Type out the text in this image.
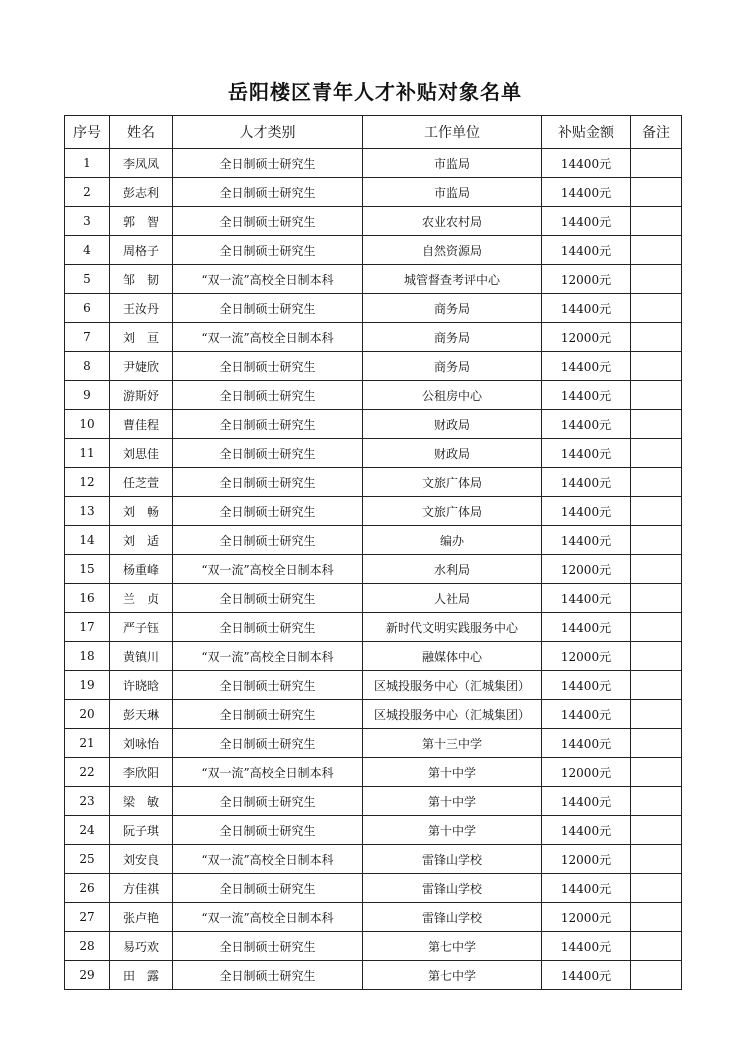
岳阳楼区青年人才补贴对象名单
序号	姓名	人才类别	工作单位	补贴金额	备注
1	李凤凤	全日制硕士研究生	市监局	14400元	
2	彭志利	全日制硕士研究生	市监局	14400元	
3	郭　智	全日制硕士研究生	农业农村局	14400元	
4	周格子	全日制硕士研究生	自然资源局	14400元	
5	邹　韧	“双一流”高校全日制本科	城管督查考评中心	12000元	
6	王汝丹	全日制硕士研究生	商务局	14400元	
7	刘　亘	“双一流”高校全日制本科	商务局	12000元	
8	尹婕欣	全日制硕士研究生	商务局	14400元	
9	游斯妤	全日制硕士研究生	公租房中心	14400元	
10	曹佳程	全日制硕士研究生	财政局	14400元	
11	刘思佳	全日制硕士研究生	财政局	14400元	
12	任芝萱	全日制硕士研究生	文旅广体局	14400元	
13	刘　畅	全日制硕士研究生	文旅广体局	14400元	
14	刘　适	全日制硕士研究生	编办	14400元	
15	杨重峰	“双一流”高校全日制本科	水利局	12000元	
16	兰　贞	全日制硕士研究生	人社局	14400元	
17	严子钰	全日制硕士研究生	新时代文明实践服务中心	14400元	
18	黄镇川	“双一流”高校全日制本科	融媒体中心	12000元	
19	许晓晗	全日制硕士研究生	区城投服务中心（汇城集团）	14400元	
20	彭天琳	全日制硕士研究生	区城投服务中心（汇城集团）	14400元	
21	刘咏怡	全日制硕士研究生	第十三中学	14400元	
22	李欣阳	“双一流”高校全日制本科	第十中学	12000元	
23	梁　敏	全日制硕士研究生	第十中学	14400元	
24	阮子琪	全日制硕士研究生	第十中学	14400元	
25	刘安良	“双一流”高校全日制本科	雷锋山学校	12000元	
26	方佳祺	全日制硕士研究生	雷锋山学校	14400元	
27	张卢艳	“双一流”高校全日制本科	雷锋山学校	12000元	
28	易巧欢	全日制硕士研究生	第七中学	14400元	
29	田　露	全日制硕士研究生	第七中学	14400元	
